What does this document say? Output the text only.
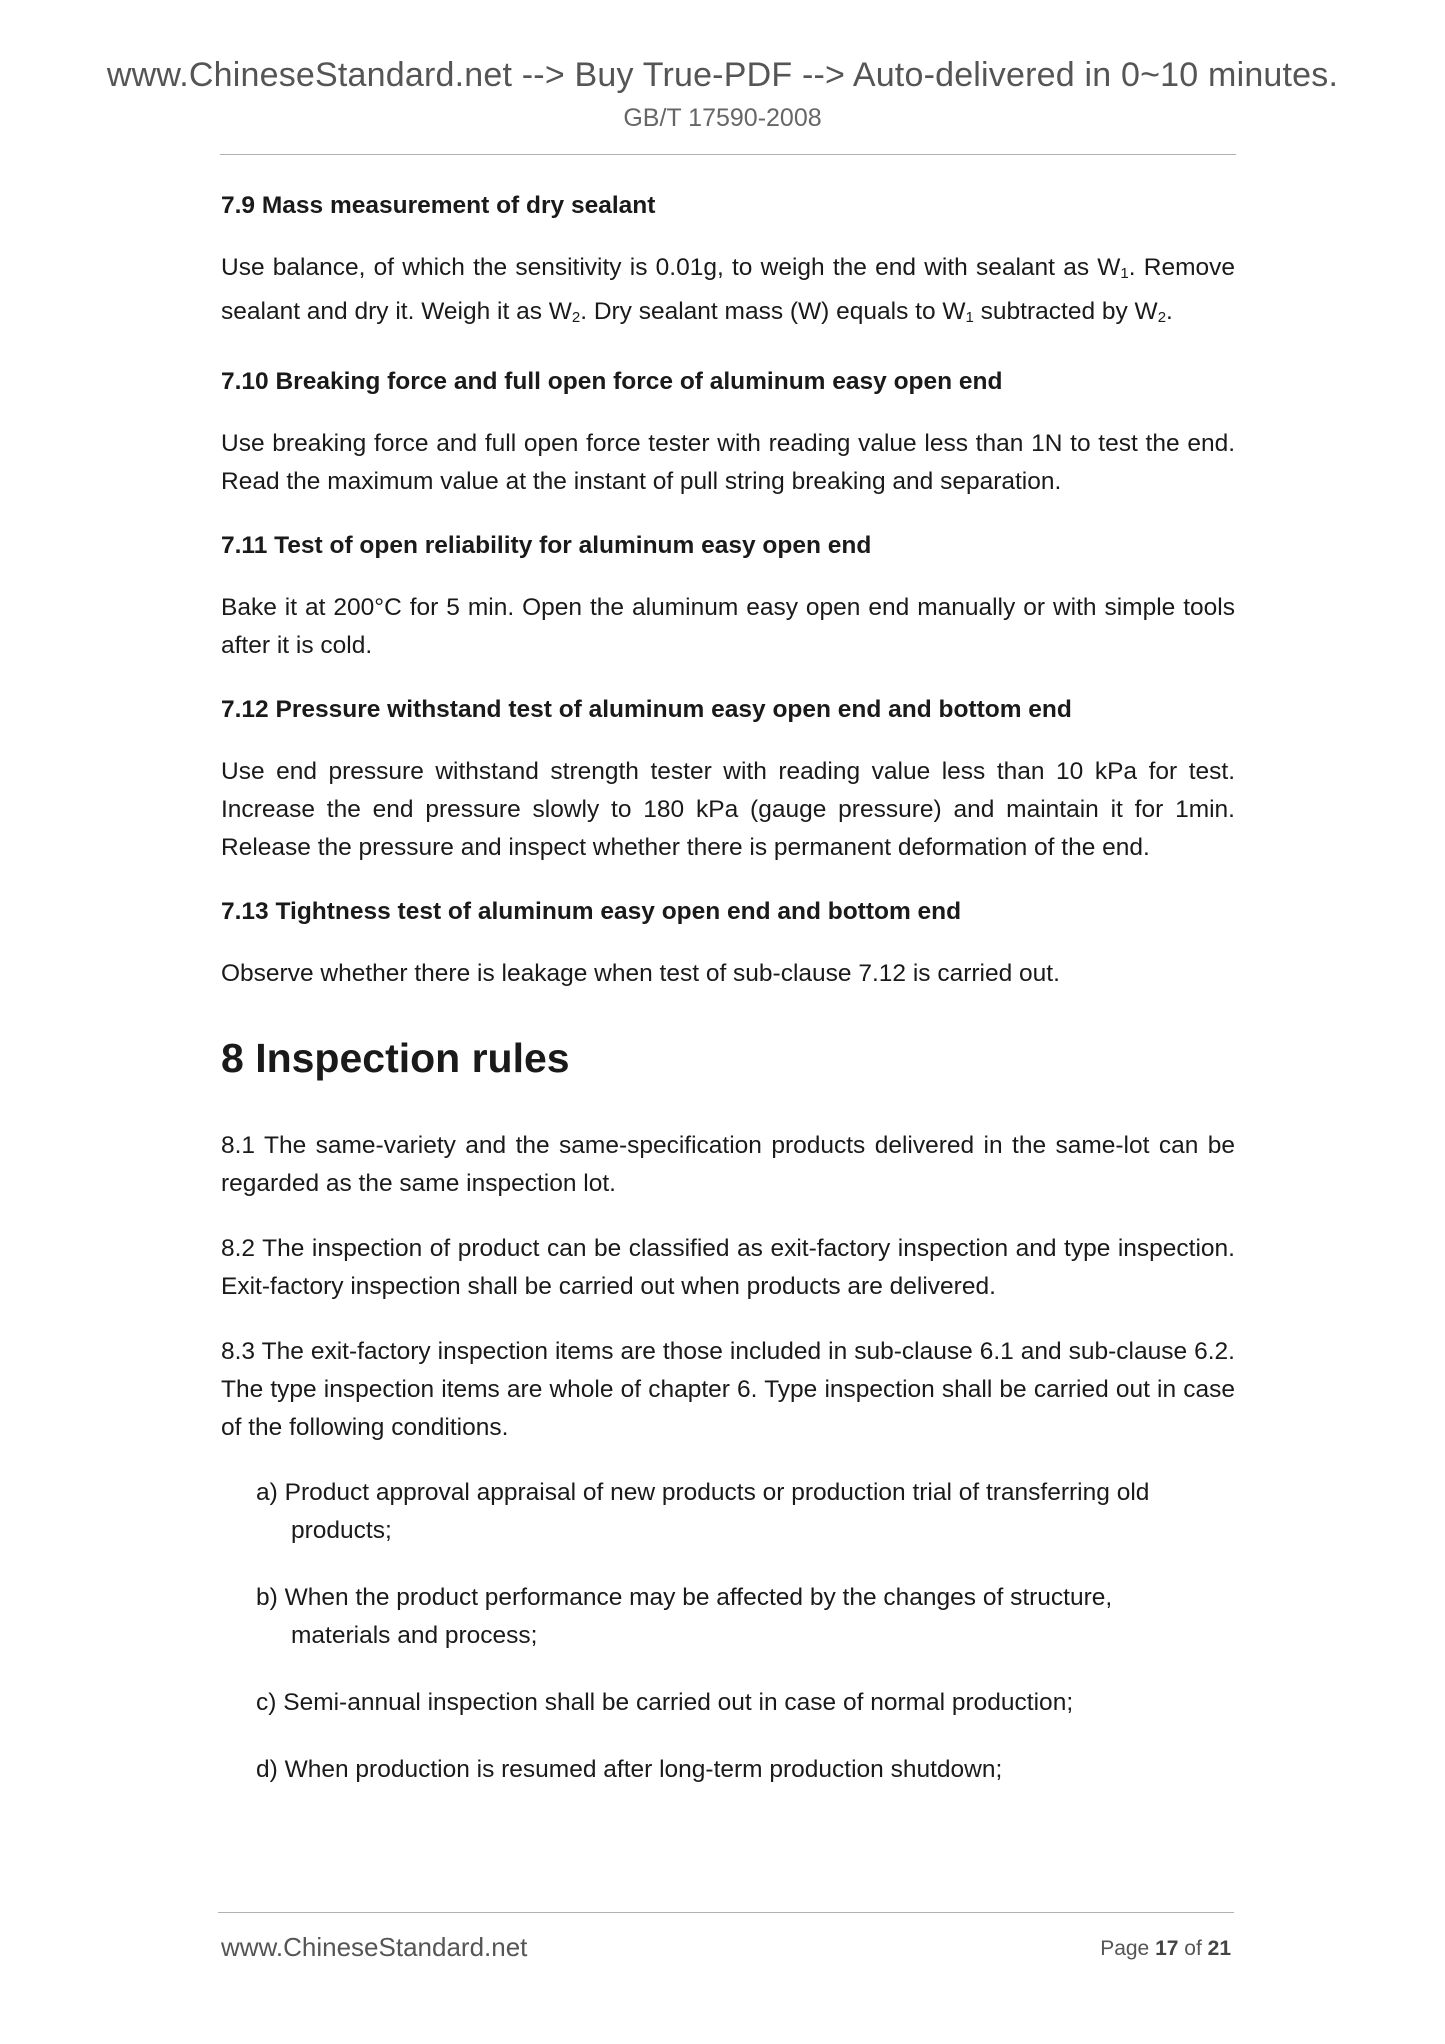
www.ChineseStandard.net --> Buy True-PDF --> Auto-delivered in 0~10 minutes.
GB/T 17590-2008
7.9 Mass measurement of dry sealant
Use balance, of which the sensitivity is 0.01g, to weigh the end with sealant as $W_1$. Remove sealant and dry it. Weigh it as $W_2$. Dry sealant mass (W) equals to $W_1$ subtracted by $W_2$.
7.10 Breaking force and full open force of aluminum easy open end
Use breaking force and full open force tester with reading value less than 1N to test the end. Read the maximum value at the instant of pull string breaking and separation.
7.11 Test of open reliability for aluminum easy open end
Bake it at 200°C for 5 min. Open the aluminum easy open end manually or with simple tools after it is cold.
7.12 Pressure withstand test of aluminum easy open end and bottom end
Use end pressure withstand strength tester with reading value less than 10 kPa for test. Increase the end pressure slowly to 180 kPa (gauge pressure) and maintain it for 1min. Release the pressure and inspect whether there is permanent deformation of the end.
7.13 Tightness test of aluminum easy open end and bottom end
Observe whether there is leakage when test of sub-clause 7.12 is carried out.
8 Inspection rules
8.1 The same-variety and the same-specification products delivered in the same-lot can be regarded as the same inspection lot.
8.2 The inspection of product can be classified as exit-factory inspection and type inspection. Exit-factory inspection shall be carried out when products are delivered.
8.3 The exit-factory inspection items are those included in sub-clause 6.1 and sub-clause 6.2. The type inspection items are whole of chapter 6. Type inspection shall be carried out in case of the following conditions.
a) Product approval appraisal of new products or production trial of transferring old
products;
b) When the product performance may be affected by the changes of structure,
materials and process;
c) Semi-annual inspection shall be carried out in case of normal production;
d) When production is resumed after long-term production shutdown;
www.ChineseStandard.net	Page 17 of 21
